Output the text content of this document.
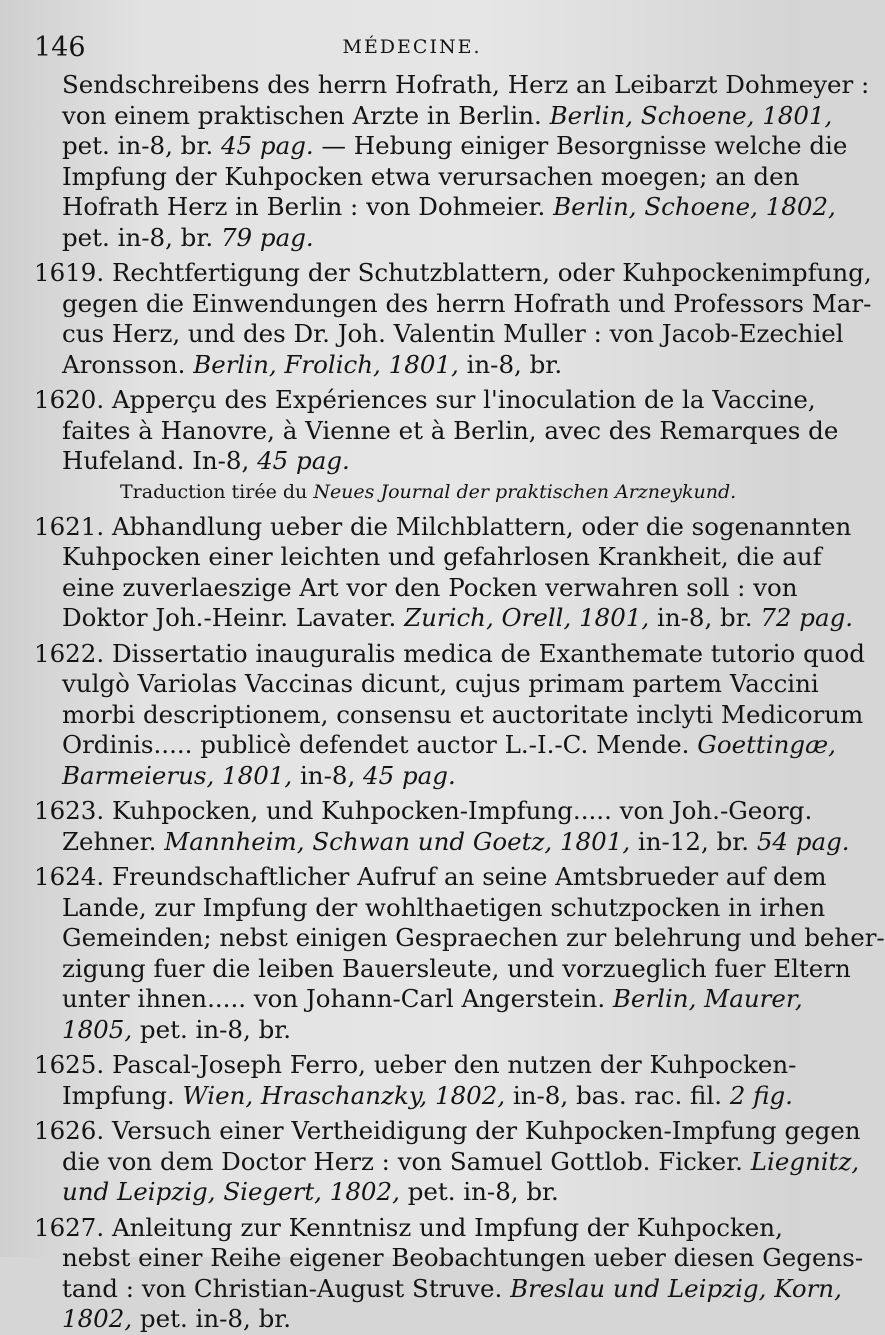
146	MÉDECINE.
Sendschreibens des herrn Hofrath, Herz an Leibarzt Dohmeyer :
von einem praktischen Arzte in Berlin. Berlin, Schoene, 1801,
pet. in-8, br. 45 pag. — Hebung einiger Besorgnisse welche die
Impfung der Kuhpocken etwa verursachen moegen; an den
Hofrath Herz in Berlin : von Dohmeier. Berlin, Schoene, 1802,
pet. in-8, br. 79 pag.
1619. Rechtfertigung der Schutzblattern, oder Kuhpockenimpfung,
gegen die Einwendungen des herrn Hofrath und Professors Mar-
cus Herz, und des Dr. Joh. Valentin Muller : von Jacob-Ezechiel
Aronsson. Berlin, Frolich, 1801, in-8, br.
1620. Apperçu des Expériences sur l'inoculation de la Vaccine,
faites à Hanovre, à Vienne et à Berlin, avec des Remarques de
Hufeland. In-8, 45 pag.
Traduction tirée du Neues Journal der praktischen Arzneykund.
1621. Abhandlung ueber die Milchblattern, oder die sogenannten
Kuhpocken einer leichten und gefahrlosen Krankheit, die auf
eine zuverlaeszige Art vor den Pocken verwahren soll : von
Doktor Joh.-Heinr. Lavater. Zurich, Orell, 1801, in-8, br. 72 pag.
1622. Dissertatio inauguralis medica de Exanthemate tutorio quod
vulgò Variolas Vaccinas dicunt, cujus primam partem Vaccini
morbi descriptionem, consensu et auctoritate inclyti Medicorum
Ordinis..... publicè defendet auctor L.-I.-C. Mende. Goettingæ,
Barmeierus, 1801, in-8, 45 pag.
1623. Kuhpocken, und Kuhpocken-Impfung..... von Joh.-Georg.
Zehner. Mannheim, Schwan und Goetz, 1801, in-12, br. 54 pag.
1624. Freundschaftlicher Aufruf an seine Amtsbrueder auf dem
Lande, zur Impfung der wohlthaetigen schutzpocken in irhen
Gemeinden; nebst einigen Gespraechen zur belehrung und beher-
zigung fuer die leiben Bauersleute, und vorzueglich fuer Eltern
unter ihnen..... von Johann-Carl Angerstein. Berlin, Maurer,
1805, pet. in-8, br.
1625. Pascal-Joseph Ferro, ueber den nutzen der Kuhpocken-
Impfung. Wien, Hraschanzky, 1802, in-8, bas. rac. fil. 2 fig.
1626. Versuch einer Vertheidigung der Kuhpocken-Impfung gegen
die von dem Doctor Herz : von Samuel Gottlob. Ficker. Liegnitz,
und Leipzig, Siegert, 1802, pet. in-8, br.
1627. Anleitung zur Kenntnisz und Impfung der Kuhpocken,
nebst einer Reihe eigener Beobachtungen ueber diesen Gegens-
tand : von Christian-August Struve. Breslau und Leipzig, Korn,
1802, pet. in-8, br.
